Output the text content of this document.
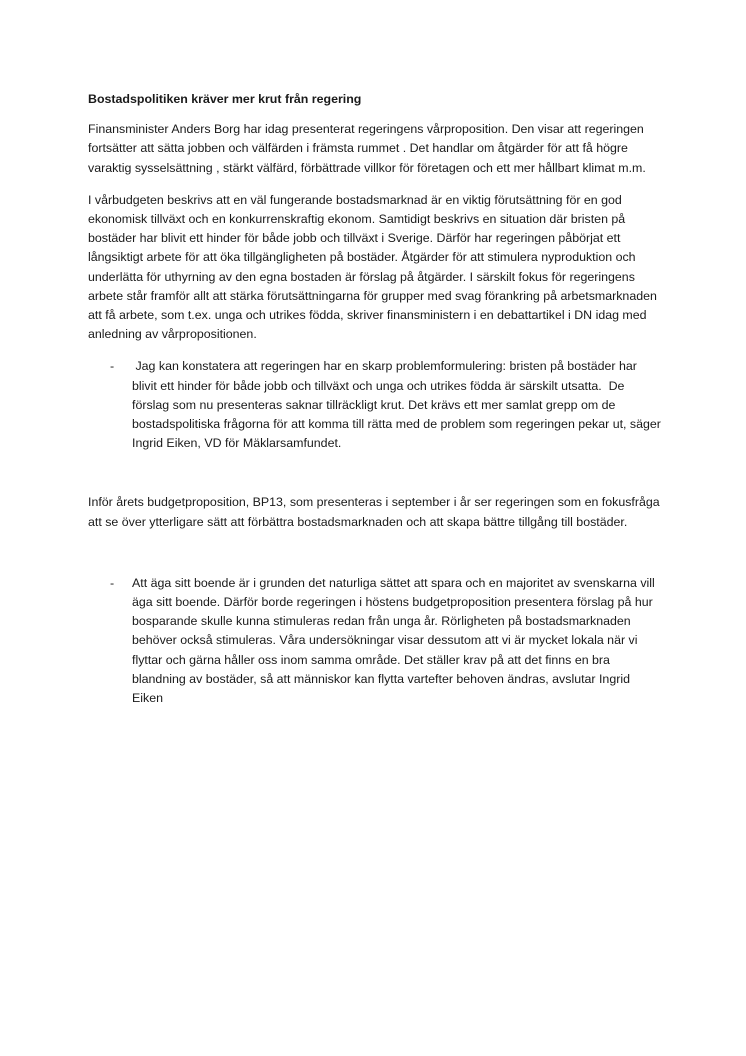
Bostadspolitiken kräver mer krut från regering

Finansminister Anders Borg har idag presenterat regeringens vårproposition. Den visar att regeringen fortsätter att sätta jobben och välfärden i främsta rummet . Det handlar om åtgärder för att få högre varaktig sysselsättning , stärkt välfärd, förbättrade villkor för företagen och ett mer hållbart klimat m.m.

I vårbudgeten beskrivs att en väl fungerande bostadsmarknad är en viktig förutsättning för en god ekonomisk tillväxt och en konkurrenskraftig ekonom. Samtidigt beskrivs en situation där bristen på bostäder har blivit ett hinder för både jobb och tillväxt i Sverige. Därför har regeringen påbörjat ett långsiktigt arbete för att öka tillgängligheten på bostäder. Åtgärder för att stimulera nyproduktion och underlätta för uthyrning av den egna bostaden är förslag på åtgärder. I särskilt fokus för regeringens arbete står framför allt att stärka förutsättningarna för grupper med svag förankring på arbetsmarknaden att få arbete, som t.ex. unga och utrikes födda, skriver finansministern i en debattartikel i DN idag med anledning av vårpropositionen.

- Jag kan konstatera att regeringen har en skarp problemformulering: bristen på bostäder har blivit ett hinder för både jobb och tillväxt och unga och utrikes födda är särskilt utsatta.  De förslag som nu presenteras saknar tillräckligt krut. Det krävs ett mer samlat grepp om de bostadspolitiska frågorna för att komma till rätta med de problem som regeringen pekar ut, säger Ingrid Eiken, VD för Mäklarsamfundet.

Inför årets budgetproposition, BP13, som presenteras i september i år ser regeringen som en fokusfråga att se över ytterligare sätt att förbättra bostadsmarknaden och att skapa bättre tillgång till bostäder.

- Att äga sitt boende är i grunden det naturliga sättet att spara och en majoritet av svenskarna vill äga sitt boende. Därför borde regeringen i höstens budgetproposition presentera förslag på hur bosparande skulle kunna stimuleras redan från unga år. Rörligheten på bostadsmarknaden behöver också stimuleras. Våra undersökningar visar dessutom att vi är mycket lokala när vi flyttar och gärna håller oss inom samma område. Det ställer krav på att det finns en bra blandning av bostäder, så att människor kan flytta vartefter behoven ändras, avslutar Ingrid Eiken
